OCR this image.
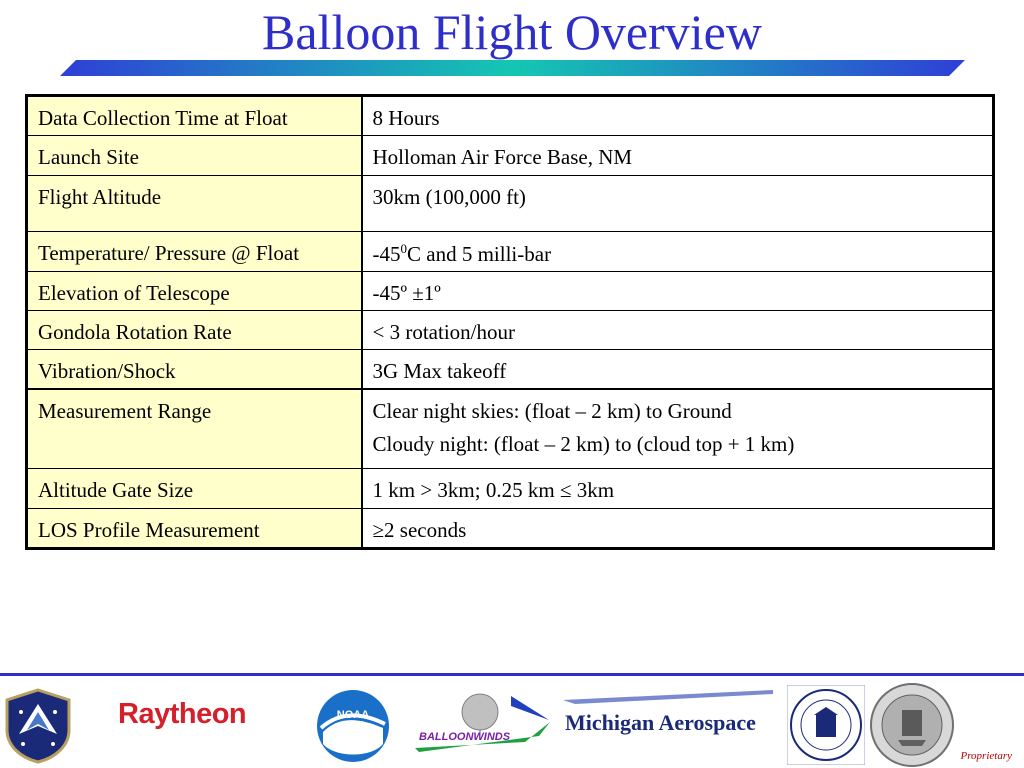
Balloon Flight Overview
Data Collection Time at Float	8 Hours
Launch Site	Holloman Air Force Base, NM
Flight Altitude	30km (100,000 ft)
Temperature/ Pressure @ Float	$-45^0C$ and 5 milli-bar
Elevation of Telescope	-45º ±1º
Gondola Rotation Rate	< 3 rotation/hour
Vibration/Shock	3G Max takeoff
Measurement Range	Clear night skies: (float – 2 km) to Ground
Cloudy night: (float – 2 km) to (cloud top + 1 km)

Altitude Gate Size	1 km > 3km; 0.25 km ≤ 3km
LOS Profile Measurement	≥2 seconds
Raytheon	NOAA
BALLOONWINDS
Michigan Aerospace
Proprietary
